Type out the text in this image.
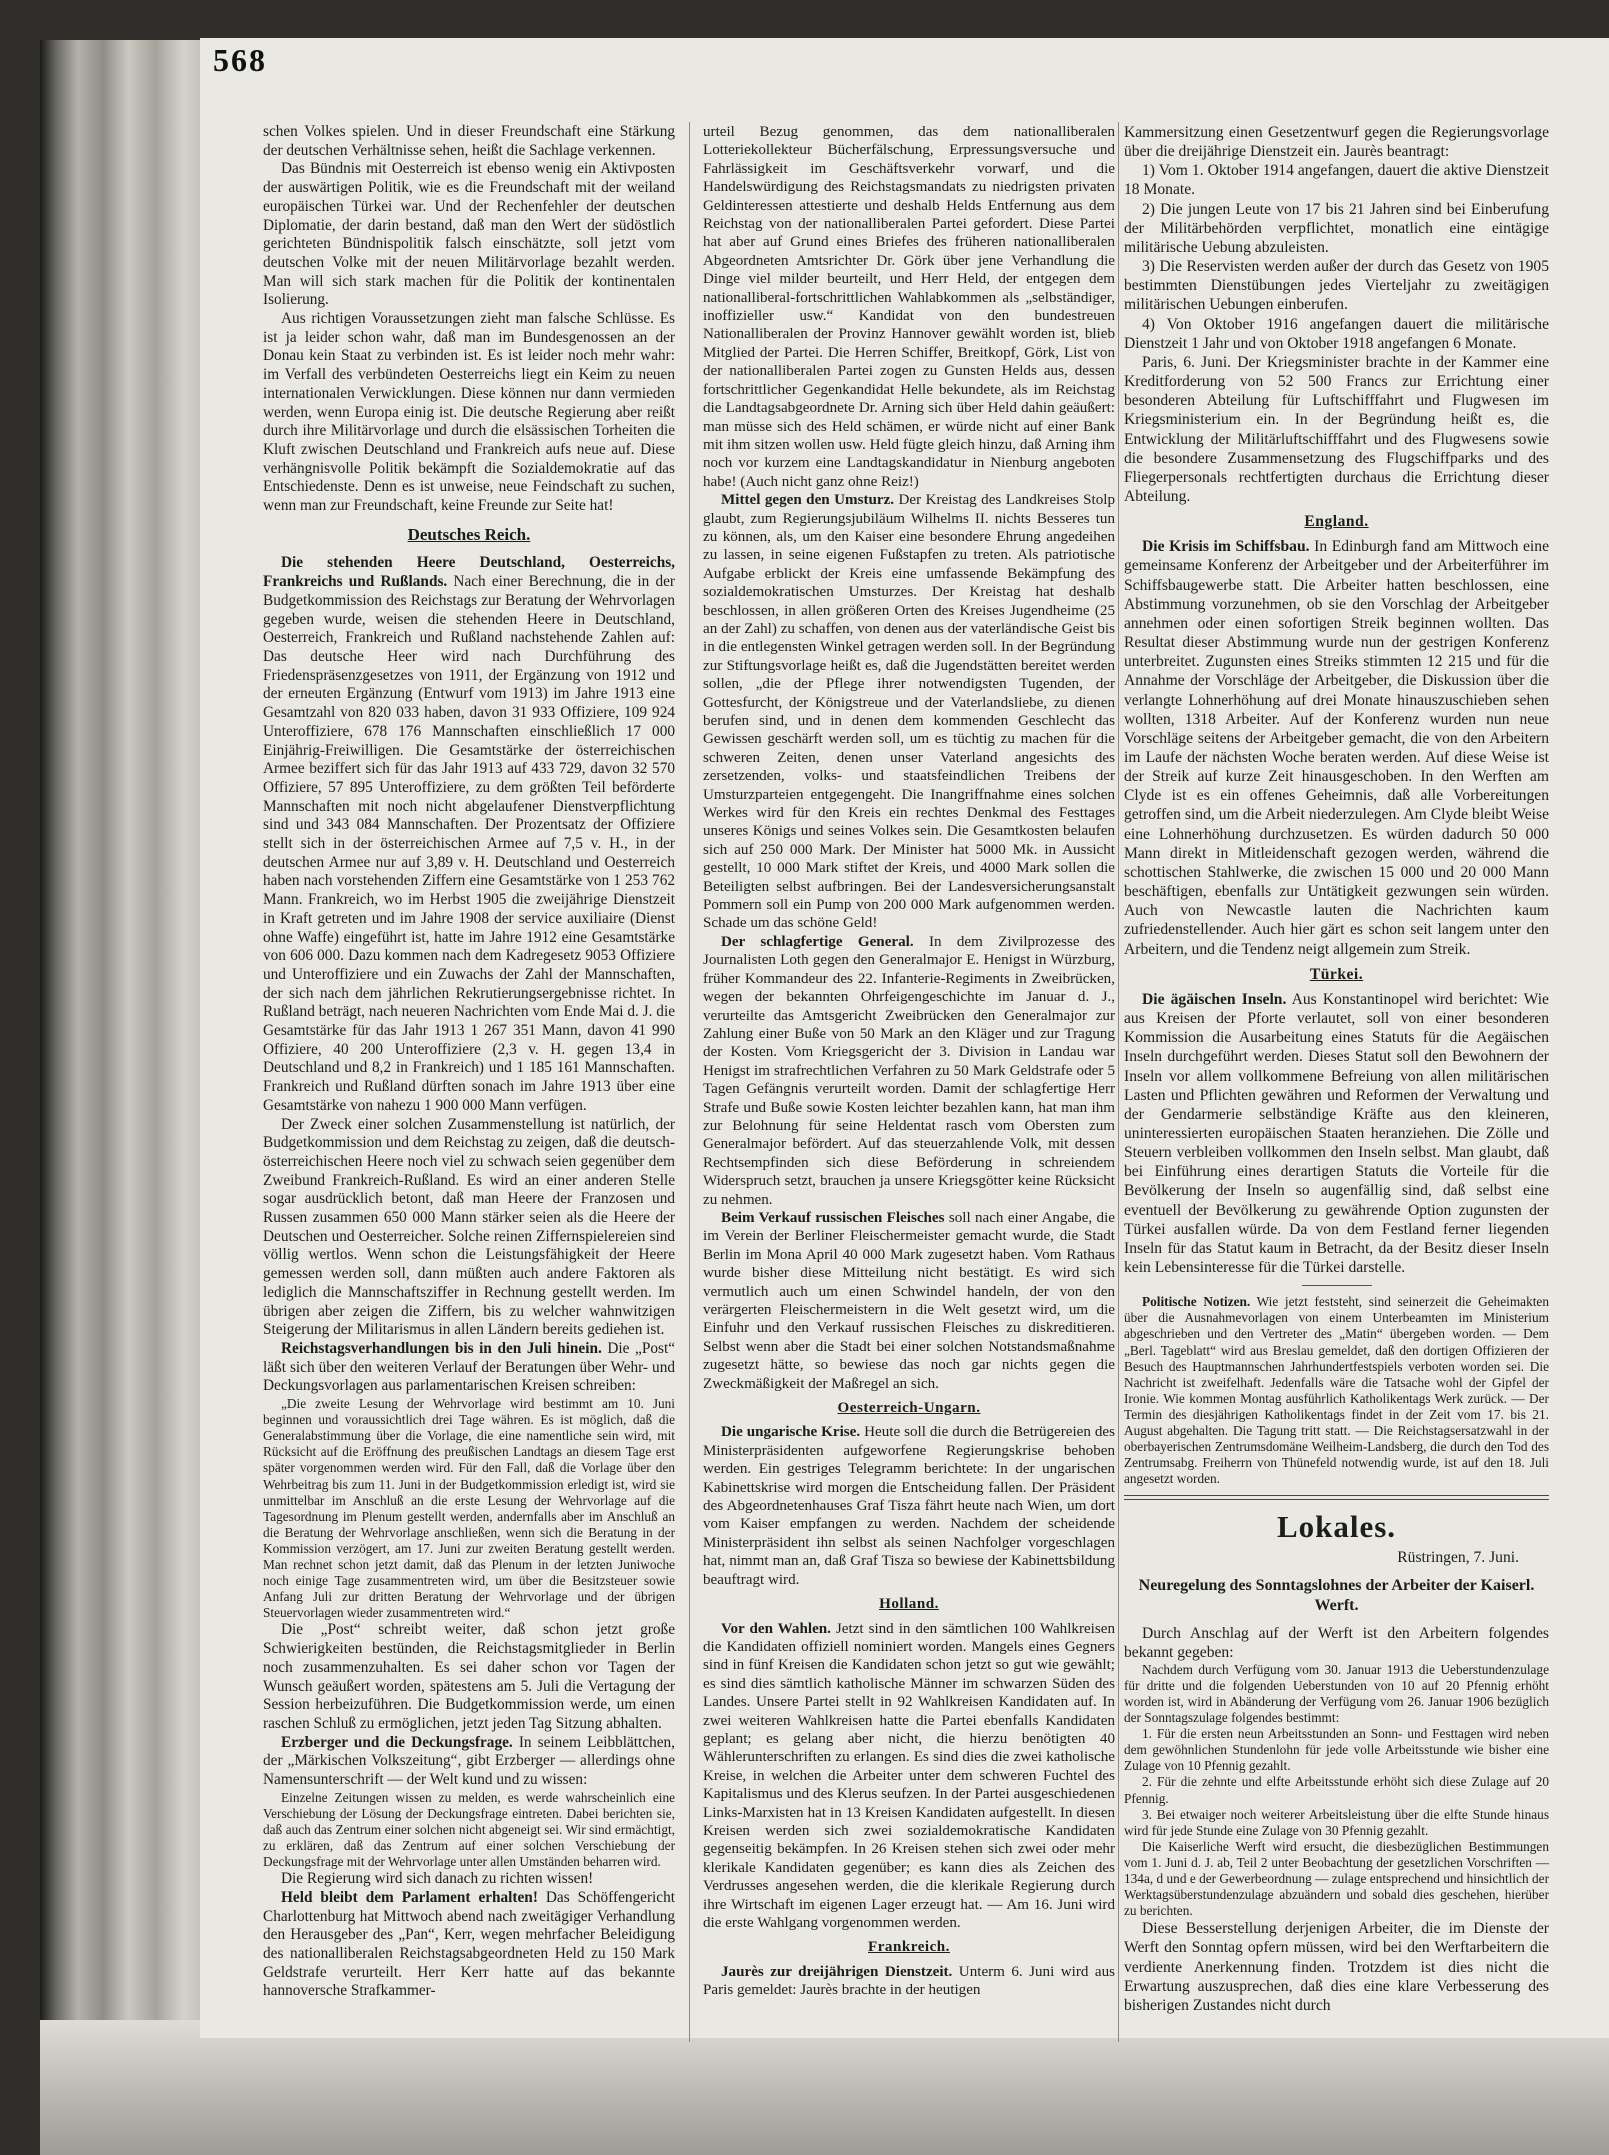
568

schen Volkes spielen. Und in dieser Freundschaft eine Stärkung der deutschen Verhältnisse sehen, heißt die Sachlage verkennen.

Das Bündnis mit Oesterreich ist ebenso wenig ein Aktivposten der auswärtigen Politik, wie es die Freundschaft mit der weiland europäischen Türkei war. Und der Rechenfehler der deutschen Diplomatie, der darin bestand, daß man den Wert der südöstlich gerichteten Bündnispolitik falsch einschätzte, soll jetzt vom deutschen Volke mit der neuen Militärvorlage bezahlt werden. Man will sich stark machen für die Politik der kontinentalen Isolierung.

Aus richtigen Voraussetzungen zieht man falsche Schlüsse. Es ist ja leider schon wahr, daß man im Bundesgenossen an der Donau kein Staat zu verbinden ist. Es ist leider noch mehr wahr: im Verfall des verbündeten Oesterreichs liegt ein Keim zu neuen internationalen Verwicklungen. Diese können nur dann vermieden werden, wenn Europa einig ist. Die deutsche Regierung aber reißt durch ihre Militärvorlage und durch die elsässischen Torheiten die Kluft zwischen Deutschland und Frankreich aufs neue auf. Diese verhängnisvolle Politik bekämpft die Sozialdemokratie auf das Entschiedenste. Denn es ist unweise, neue Feindschaft zu suchen, wenn man zur Freundschaft, keine Freunde zur Seite hat!

Deutsches Reich.

Die stehenden Heere Deutschland, Oesterreichs, Frankreichs und Rußlands. Nach einer Berechnung, die in der Budgetkommission des Reichstags zur Beratung der Wehrvorlagen gegeben wurde, weisen die stehenden Heere in Deutschland, Oesterreich, Frankreich und Rußland nachstehende Zahlen auf: Das deutsche Heer wird nach Durchführung des Friedenspräsenzgesetzes von 1911, der Ergänzung von 1912 und der erneuten Ergänzung (Entwurf vom 1913) im Jahre 1913 eine Gesamtzahl von 820 033 haben, davon 31 933 Offiziere, 109 924 Unteroffiziere, 678 176 Mannschaften einschließlich 17 000 Einjährig-Freiwilligen. Die Gesamtstärke der österreichischen Armee beziffert sich für das Jahr 1913 auf 433 729, davon 32 570 Offiziere, 57 895 Unteroffiziere, zu dem größten Teil beförderte Mannschaften mit noch nicht abgelaufener Dienstverpflichtung sind und 343 084 Mannschaften. Der Prozentsatz der Offiziere stellt sich in der österreichischen Armee auf 7,5 v. H., in der deutschen Armee nur auf 3,89 v. H. Deutschland und Oesterreich haben nach vorstehenden Ziffern eine Gesamtstärke von 1 253 762 Mann. Frankreich, wo im Herbst 1905 die zweijährige Dienstzeit in Kraft getreten und im Jahre 1908 der service auxiliaire (Dienst ohne Waffe) eingeführt ist, hatte im Jahre 1912 eine Gesamtstärke von 606 000. Dazu kommen nach dem Kadregesetz 9053 Offiziere und Unteroffiziere und ein Zuwachs der Zahl der Mannschaften, der sich nach dem jährlichen Rekrutierungsergebnisse richtet. In Rußland beträgt, nach neueren Nachrichten vom Ende Mai d. J. die Gesamtstärke für das Jahr 1913 1 267 351 Mann, davon 41 990 Offiziere, 40 200 Unteroffiziere (2,3 v. H. gegen 13,4 in Deutschland und 8,2 in Frankreich) und 1 185 161 Mannschaften. Frankreich und Rußland dürften sonach im Jahre 1913 über eine Gesamtstärke von nahezu 1 900 000 Mann verfügen.

Der Zweck einer solchen Zusammenstellung ist natürlich, der Budgetkommission und dem Reichstag zu zeigen, daß die deutsch-österreichischen Heere noch viel zu schwach seien gegenüber dem Zweibund Frankreich-Rußland. Es wird an einer anderen Stelle sogar ausdrücklich betont, daß man Heere der Franzosen und Russen zusammen 650 000 Mann stärker seien als die Heere der Deutschen und Oesterreicher. Solche reinen Ziffernspielereien sind völlig wertlos. Wenn schon die Leistungsfähigkeit der Heere gemessen werden soll, dann müßten auch andere Faktoren als lediglich die Mannschaftsziffer in Rechnung gestellt werden. Im übrigen aber zeigen die Ziffern, bis zu welcher wahnwitzigen Steigerung der Militarismus in allen Ländern bereits gediehen ist.

Reichstagsverhandlungen bis in den Juli hinein. Die „Post“ läßt sich über den weiteren Verlauf der Beratungen über Wehr- und Deckungsvorlagen aus parlamentarischen Kreisen schreiben:

„Die zweite Lesung der Wehrvorlage wird bestimmt am 10. Juni beginnen und voraussichtlich drei Tage währen. Es ist möglich, daß die Generalabstimmung über die Vorlage, die eine namentliche sein wird, mit Rücksicht auf die Eröffnung des preußischen Landtags an diesem Tage erst später vorgenommen werden wird. Für den Fall, daß die Vorlage über den Wehrbeitrag bis zum 11. Juni in der Budgetkommission erledigt ist, wird sie unmittelbar im Anschluß an die erste Lesung der Wehrvorlage auf die Tagesordnung im Plenum gestellt werden, andernfalls aber im Anschluß an die Beratung der Wehrvorlage anschließen, wenn sich die Beratung in der Kommission verzögert, am 17. Juni zur zweiten Beratung gestellt werden. Man rechnet schon jetzt damit, daß das Plenum in der letzten Juniwoche noch einige Tage zusammentreten wird, um über die Besitzsteuer sowie Anfang Juli zur dritten Beratung der Wehrvorlage und der übrigen Steuervorlagen wieder zusammentreten wird.“

Die „Post“ schreibt weiter, daß schon jetzt große Schwierigkeiten bestünden, die Reichstagsmitglieder in Berlin noch zusammenzuhalten. Es sei daher schon vor Tagen der Wunsch geäußert worden, spätestens am 5. Juli die Vertagung der Session herbeizuführen. Die Budgetkommission werde, um einen raschen Schluß zu ermöglichen, jetzt jeden Tag Sitzung abhalten.

Erzberger und die Deckungsfrage. In seinem Leibblättchen, der „Märkischen Volkszeitung“, gibt Erzberger — allerdings ohne Namensunterschrift — der Welt kund und zu wissen:

Einzelne Zeitungen wissen zu melden, es werde wahrscheinlich eine Verschiebung der Lösung der Deckungsfrage eintreten. Dabei berichten sie, daß auch das Zentrum einer solchen nicht abgeneigt sei. Wir sind ermächtigt, zu erklären, daß das Zentrum auf einer solchen Verschiebung der Deckungsfrage mit der Wehrvorlage unter allen Umständen beharren wird.

Die Regierung wird sich danach zu richten wissen!

Held bleibt dem Parlament erhalten! Das Schöffengericht Charlottenburg hat Mittwoch abend nach zweitägiger Verhandlung den Herausgeber des „Pan“, Kerr, wegen mehrfacher Beleidigung des nationalliberalen Reichstagsabgeordneten Held zu 150 Mark Geldstrafe verurteilt. Herr Kerr hatte auf das bekannte hannoversche Strafkammer-

urteil Bezug genommen, das dem nationalliberalen Lotteriekollekteur Bücherfälschung, Erpressungsversuche und Fahrlässigkeit im Geschäftsverkehr vorwarf, und die Handelswürdigung des Reichstagsmandats zu niedrigsten privaten Geldinteressen attestierte und deshalb Helds Entfernung aus dem Reichstag von der nationalliberalen Partei gefordert. Diese Partei hat aber auf Grund eines Briefes des früheren nationalliberalen Abgeordneten Amtsrichter Dr. Görk über jene Verhandlung die Dinge viel milder beurteilt, und Herr Held, der entgegen dem nationalliberal-fortschrittlichen Wahlabkommen als „selbständiger, inoffizieller usw.“ Kandidat von den bundestreuen Nationalliberalen der Provinz Hannover gewählt worden ist, blieb Mitglied der Partei. Die Herren Schiffer, Breitkopf, Görk, List von der nationalliberalen Partei zogen zu Gunsten Helds aus, dessen fortschrittlicher Gegenkandidat Helle bekundete, als im Reichstag die Landtagsabgeordnete Dr. Arning sich über Held dahin geäußert: man müsse sich des Held schämen, er würde nicht auf einer Bank mit ihm sitzen wollen usw. Held fügte gleich hinzu, daß Arning ihm noch vor kurzem eine Landtagskandidatur in Nienburg angeboten habe! (Auch nicht ganz ohne Reiz!)

Mittel gegen den Umsturz. Der Kreistag des Landkreises Stolp glaubt, zum Regierungsjubiläum Wilhelms II. nichts Besseres tun zu können, als, um den Kaiser eine besondere Ehrung angedeihen zu lassen, in seine eigenen Fußstapfen zu treten. Als patriotische Aufgabe erblickt der Kreis eine umfassende Bekämpfung des sozialdemokratischen Umsturzes. Der Kreistag hat deshalb beschlossen, in allen größeren Orten des Kreises Jugendheime (25 an der Zahl) zu schaffen, von denen aus der vaterländische Geist bis in die entlegensten Winkel getragen werden soll. In der Begründung zur Stiftungsvorlage heißt es, daß die Jugendstätten bereitet werden sollen, „die der Pflege ihrer notwendigsten Tugenden, der Gottesfurcht, der Königstreue und der Vaterlandsliebe, zu dienen berufen sind, und in denen dem kommenden Geschlecht das Gewissen geschärft werden soll, um es tüchtig zu machen für die schweren Zeiten, denen unser Vaterland angesichts des zersetzenden, volks- und staatsfeindlichen Treibens der Umsturzparteien entgegengeht. Die Inangriffnahme eines solchen Werkes wird für den Kreis ein rechtes Denkmal des Festtages unseres Königs und seines Volkes sein. Die Gesamtkosten belaufen sich auf 250 000 Mark. Der Minister hat 5000 Mk. in Aussicht gestellt, 10 000 Mark stiftet der Kreis, und 4000 Mark sollen die Beteiligten selbst aufbringen. Bei der Landesversicherungsanstalt Pommern soll ein Pump von 200 000 Mark aufgenommen werden. Schade um das schöne Geld!

Der schlagfertige General. In dem Zivilprozesse des Journalisten Loth gegen den Generalmajor E. Henigst in Würzburg, früher Kommandeur des 22. Infanterie-Regiments in Zweibrücken, wegen der bekannten Ohrfeigengeschichte im Januar d. J., verurteilte das Amtsgericht Zweibrücken den Generalmajor zur Zahlung einer Buße von 50 Mark an den Kläger und zur Tragung der Kosten. Vom Kriegsgericht der 3. Division in Landau war Henigst im strafrechtlichen Verfahren zu 50 Mark Geldstrafe oder 5 Tagen Gefängnis verurteilt worden. Damit der schlagfertige Herr Strafe und Buße sowie Kosten leichter bezahlen kann, hat man ihm zur Belohnung für seine Heldentat rasch vom Obersten zum Generalmajor befördert. Auf das steuerzahlende Volk, mit dessen Rechtsempfinden sich diese Beförderung in schreiendem Widerspruch setzt, brauchen ja unsere Kriegsgötter keine Rücksicht zu nehmen.

Beim Verkauf russischen Fleisches soll nach einer Angabe, die im Verein der Berliner Fleischermeister gemacht wurde, die Stadt Berlin im Mona April 40 000 Mark zugesetzt haben. Vom Rathaus wurde bisher diese Mitteilung nicht bestätigt. Es wird sich vermutlich auch um einen Schwindel handeln, der von den verärgerten Fleischermeistern in die Welt gesetzt wird, um die Einfuhr und den Verkauf russischen Fleisches zu diskreditieren. Selbst wenn aber die Stadt bei einer solchen Notstandsmaßnahme zugesetzt hätte, so bewiese das noch gar nichts gegen die Zweckmäßigkeit der Maßregel an sich.

Oesterreich-Ungarn.

Die ungarische Krise. Heute soll die durch die Betrügereien des Ministerpräsidenten aufgeworfene Regierungskrise behoben werden. Ein gestriges Telegramm berichtete: In der ungarischen Kabinettskrise wird morgen die Entscheidung fallen. Der Präsident des Abgeordnetenhauses Graf Tisza fährt heute nach Wien, um dort vom Kaiser empfangen zu werden. Nachdem der scheidende Ministerpräsident ihn selbst als seinen Nachfolger vorgeschlagen hat, nimmt man an, daß Graf Tisza so bewiese der Kabinettsbildung beauftragt wird.

Holland.

Vor den Wahlen. Jetzt sind in den sämtlichen 100 Wahlkreisen die Kandidaten offiziell nominiert worden. Mangels eines Gegners sind in fünf Kreisen die Kandidaten schon jetzt so gut wie gewählt; es sind dies sämtlich katholische Männer im schwarzen Süden des Landes. Unsere Partei stellt in 92 Wahlkreisen Kandidaten auf. In zwei weiteren Wahlkreisen hatte die Partei ebenfalls Kandidaten geplant; es gelang aber nicht, die hierzu benötigten 40 Wählerunterschriften zu erlangen. Es sind dies die zwei katholische Kreise, in welchen die Arbeiter unter dem schweren Fuchtel des Kapitalismus und des Klerus seufzen. In der Partei ausgeschiedenen Links-Marxisten hat in 13 Kreisen Kandidaten aufgestellt. In diesen Kreisen werden sich zwei sozialdemokratische Kandidaten gegenseitig bekämpfen. In 26 Kreisen stehen sich zwei oder mehr klerikale Kandidaten gegenüber; es kann dies als Zeichen des Verdrusses angesehen werden, die die klerikale Regierung durch ihre Wirtschaft im eigenen Lager erzeugt hat. — Am 16. Juni wird die erste Wahlgang vorgenommen werden.

Frankreich.

Jaurès zur dreijährigen Dienstzeit. Unterm 6. Juni wird aus Paris gemeldet: Jaurès brachte in der heutigen

Kammersitzung einen Gesetzentwurf gegen die Regierungsvorlage über die dreijährige Dienstzeit ein. Jaurès beantragt:

1) Vom 1. Oktober 1914 angefangen, dauert die aktive Dienstzeit 18 Monate.

2) Die jungen Leute von 17 bis 21 Jahren sind bei Einberufung der Militärbehörden verpflichtet, monatlich eine eintägige militärische Uebung abzuleisten.

3) Die Reservisten werden außer der durch das Gesetz von 1905 bestimmten Dienstübungen jedes Vierteljahr zu zweitägigen militärischen Uebungen einberufen.

4) Von Oktober 1916 angefangen dauert die militärische Dienstzeit 1 Jahr und von Oktober 1918 angefangen 6 Monate.

Paris, 6. Juni. Der Kriegsminister brachte in der Kammer eine Kreditforderung von 52 500 Francs zur Errichtung einer besonderen Abteilung für Luftschifffahrt und Flugwesen im Kriegsministerium ein. In der Begründung heißt es, die Entwicklung der Militärluftschifffahrt und des Flugwesens sowie die besondere Zusammensetzung des Flugschiffparks und des Fliegerpersonals rechtfertigten durchaus die Errichtung dieser Abteilung.

England.

Die Krisis im Schiffsbau. In Edinburgh fand am Mittwoch eine gemeinsame Konferenz der Arbeitgeber und der Arbeiterführer im Schiffsbaugewerbe statt. Die Arbeiter hatten beschlossen, eine Abstimmung vorzunehmen, ob sie den Vorschlag der Arbeitgeber annehmen oder einen sofortigen Streik beginnen wollten. Das Resultat dieser Abstimmung wurde nun der gestrigen Konferenz unterbreitet. Zugunsten eines Streiks stimmten 12 215 und für die Annahme der Vorschläge der Arbeitgeber, die Diskussion über die verlangte Lohnerhöhung auf drei Monate hinauszuschieben sehen wollten, 1318 Arbeiter. Auf der Konferenz wurden nun neue Vorschläge seitens der Arbeitgeber gemacht, die von den Arbeitern im Laufe der nächsten Woche beraten werden. Auf diese Weise ist der Streik auf kurze Zeit hinausgeschoben. In den Werften am Clyde ist es ein offenes Geheimnis, daß alle Vorbereitungen getroffen sind, um die Arbeit niederzulegen. Am Clyde bleibt Weise eine Lohnerhöhung durchzusetzen. Es würden dadurch 50 000 Mann direkt in Mitleidenschaft gezogen werden, während die schottischen Stahlwerke, die zwischen 15 000 und 20 000 Mann beschäftigen, ebenfalls zur Untätigkeit gezwungen sein würden. Auch von Newcastle lauten die Nachrichten kaum zufriedenstellender. Auch hier gärt es schon seit langem unter den Arbeitern, und die Tendenz neigt allgemein zum Streik.

Türkei.

Die ägäischen Inseln. Aus Konstantinopel wird berichtet: Wie aus Kreisen der Pforte verlautet, soll von einer besonderen Kommission die Ausarbeitung eines Statuts für die Aegäischen Inseln durchgeführt werden. Dieses Statut soll den Bewohnern der Inseln vor allem vollkommene Befreiung von allen militärischen Lasten und Pflichten gewähren und Reformen der Verwaltung und der Gendarmerie selbständige Kräfte aus den kleineren, uninteressierten europäischen Staaten heranziehen. Die Zölle und Steuern verbleiben vollkommen den Inseln selbst. Man glaubt, daß bei Einführung eines derartigen Statuts die Vorteile für die Bevölkerung der Inseln so augenfällig sind, daß selbst eine eventuell der Bevölkerung zu gewährende Option zugunsten der Türkei ausfallen würde. Da von dem Festland ferner liegenden Inseln für das Statut kaum in Betracht, da der Besitz dieser Inseln kein Lebensinteresse für die Türkei darstelle.

Politische Notizen. Wie jetzt feststeht, sind seinerzeit die Geheimakten über die Ausnahmevorlagen von einem Unterbeamten im Ministerium abgeschrieben und den Vertreter des „Matin“ übergeben worden. — Dem „Berl. Tageblatt“ wird aus Breslau gemeldet, daß den dortigen Offizieren der Besuch des Hauptmannschen Jahrhundertfestspiels verboten worden sei. Die Nachricht ist zweifelhaft. Jedenfalls wäre die Tatsache wohl der Gipfel der Ironie. Wie kommen Montag ausführlich Katholikentags Werk zurück. — Der Termin des diesjährigen Katholikentags findet in der Zeit vom 17. bis 21. August abgehalten. Die Tagung tritt statt. — Die Reichstagsersatzwahl in der oberbayerischen Zentrumsdomäne Weilheim-Landsberg, die durch den Tod des Zentrumsabg. Freiherrn von Thünefeld notwendig wurde, ist auf den 18. Juli angesetzt worden.

Lokales.
Rüstringen, 7. Juni.
Neuregelung des Sonntagslohnes der Arbeiter der Kaiserl. Werft.

Durch Anschlag auf der Werft ist den Arbeitern folgendes bekannt gegeben:

Nachdem durch Verfügung vom 30. Januar 1913 die Ueberstundenzulage für dritte und die folgenden Ueberstunden von 10 auf 20 Pfennig erhöht worden ist, wird in Abänderung der Verfügung vom 26. Januar 1906 bezüglich der Sonntagszulage folgendes bestimmt:

1. Für die ersten neun Arbeitsstunden an Sonn- und Festtagen wird neben dem gewöhnlichen Stundenlohn für jede volle Arbeitsstunde wie bisher eine Zulage von 10 Pfennig gezahlt.

2. Für die zehnte und elfte Arbeitsstunde erhöht sich diese Zulage auf 20 Pfennig.

3. Bei etwaiger noch weiterer Arbeitsleistung über die elfte Stunde hinaus wird für jede Stunde eine Zulage von 30 Pfennig gezahlt.

Die Kaiserliche Werft wird ersucht, die diesbezüglichen Bestimmungen vom 1. Juni d. J. ab, Teil 2 unter Beobachtung der gesetzlichen Vorschriften — 134a, d und e der Gewerbeordnung — zulage entsprechend und hinsichtlich der Werktagsüberstundenzulage abzuändern und sobald dies geschehen, hierüber zu berichten.

Diese Besserstellung derjenigen Arbeiter, die im Dienste der Werft den Sonntag opfern müssen, wird bei den Werftarbeitern die verdiente Anerkennung finden. Trotzdem ist dies nicht die Erwartung auszusprechen, daß dies eine klare Verbesserung des bisherigen Zustandes nicht durch
